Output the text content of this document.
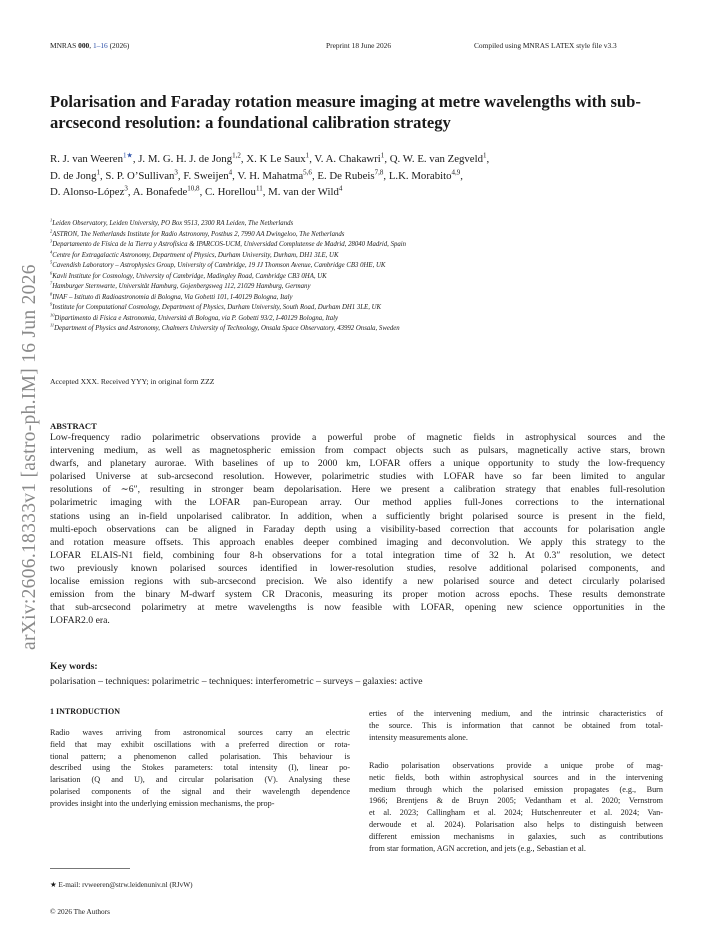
MNRAS 000, 1–16 (2026)	Preprint 18 June 2026	Compiled using MNRAS LATEX style file v3.3
arXiv:2606.18333v1 [astro-ph.IM] 16 Jun 2026
Polarisation and Faraday rotation measure imaging at metre wavelengths with sub-arcsecond resolution: a foundational calibration strategy
R. J. van Weeren$^{1★}$, J. M. G. H. J. de Jong$^{1,2}$, X. K Le Saux$^1$, V. A. Chakawri$^1$, Q. W. E. van Zegveld$^1$,
D. de Jong$^1$, S. P. O’Sullivan$^3$, F. Sweijen$^4$, V. H. Mahatma$^{5,6}$, E. De Rubeis$^{7,8}$, L.K. Morabito$^{4,9}$,
D. Alonso-López$^3$, A. Bonafede$^{10,8}$, C. Horellou$^{11}$, M. van der Wild$^4$
$^1$Leiden Observatory, Leiden University, PO Box 9513, 2300 RA Leiden, The Netherlands
$^2$ASTRON, The Netherlands Institute for Radio Astronomy, Postbus 2, 7990 AA Dwingeloo, The Netherlands
$^3$Departamento de Física de la Tierra y Astrofísica & IPARCOS-UCM, Universidad Complutense de Madrid, 28040 Madrid, Spain
$^4$Centre for Extragalactic Astronomy, Department of Physics, Durham University, Durham, DH1 3LE, UK
$^5$Cavendish Laboratory – Astrophysics Group, University of Cambridge, 19 JJ Thomson Avenue, Cambridge CB3 0HE, UK
$^6$Kavli Institute for Cosmology, University of Cambridge, Madingley Road, Cambridge CB3 0HA, UK
$^7$Hamburger Sternwarte, Universität Hamburg, Gojenbergsweg 112, 21029 Hamburg, Germany
$^8$INAF – Istituto di Radioastronomia di Bologna, Via Gobetti 101, I-40129 Bologna, Italy
$^9$Institute for Computational Cosmology, Department of Physics, Durham University, South Road, Durham DH1 3LE, UK
$^{10}$Dipartimento di Fisica e Astronomia, Università di Bologna, via P. Gobetti 93/2, I-40129 Bologna, Italy
$^{11}$Department of Physics and Astronomy, Chalmers University of Technology, Onsala Space Observatory, 43992 Onsala, Sweden
Accepted XXX. Received YYY; in original form ZZZ
ABSTRACT
Low-frequency radio polarimetric observations provide a powerful probe of magnetic fields in astrophysical sources and the
intervening medium, as well as magnetospheric emission from compact objects such as pulsars, magnetically active stars, brown
dwarfs, and planetary aurorae. With baselines of up to 2000 km, LOFAR offers a unique opportunity to study the low-frequency
polarised Universe at sub-arcsecond resolution. However, polarimetric studies with LOFAR have so far been limited to angular
resolutions of ∼6″, resulting in stronger beam depolarisation. Here we present a calibration strategy that enables full-resolution
polarimetric imaging with the LOFAR pan-European array. Our method applies full-Jones corrections to the international
stations using an in-field unpolarised calibrator. In addition, when a sufficiently bright polarised source is present in the field,
multi-epoch observations can be aligned in Faraday depth using a visibility-based correction that accounts for polarisation angle
and rotation measure offsets. This approach enables deeper combined imaging and deconvolution. We apply this strategy to the
LOFAR ELAIS-N1 field, combining four 8-h observations for a total integration time of 32 h. At 0.3″ resolution, we detect
two previously known polarised sources identified in lower-resolution studies, resolve additional polarised components, and
localise emission regions with sub-arcsecond precision. We also identify a new polarised source and detect circularly polarised
emission from the binary M-dwarf system CR Draconis, measuring its proper motion across epochs. These results demonstrate
that sub-arcsecond polarimetry at metre wavelengths is now feasible with LOFAR, opening new science opportunities in the
LOFAR2.0 era.
Key words:
polarisation – techniques: polarimetric – techniques: interferometric – surveys – galaxies: active
1 INTRODUCTION
Radio waves arriving from astronomical sources carry an electric
field that may exhibit oscillations with a preferred direction or rota-
tional pattern; a phenomenon called polarisation. This behaviour is
described using the Stokes parameters: total intensity (I), linear po-
larisation (Q and U), and circular polarisation (V). Analysing these
polarised components of the signal and their wavelength dependence
provides insight into the underlying emission mechanisms, the prop-
erties of the intervening medium, and the intrinsic characteristics of
the source. This is information that cannot be obtained from total-
intensity measurements alone.
Radio polarisation observations provide a unique probe of mag-
netic fields, both within astrophysical sources and in the intervening
medium through which the polarised emission propagates (e.g., Burn
1966; Brentjens & de Bruyn 2005; Vedantham et al. 2020; Vernstrom
et al. 2023; Callingham et al. 2024; Hutschenreuter et al. 2024; Van-
derwoude et al. 2024). Polarisation also helps to distinguish between
different emission mechanisms in galaxies, such as contributions
from star formation, AGN accretion, and jets (e.g., Sebastian et al.
★ E-mail: rvweeren@strw.leidenuniv.nl (RJvW)
© 2026 The Authors
